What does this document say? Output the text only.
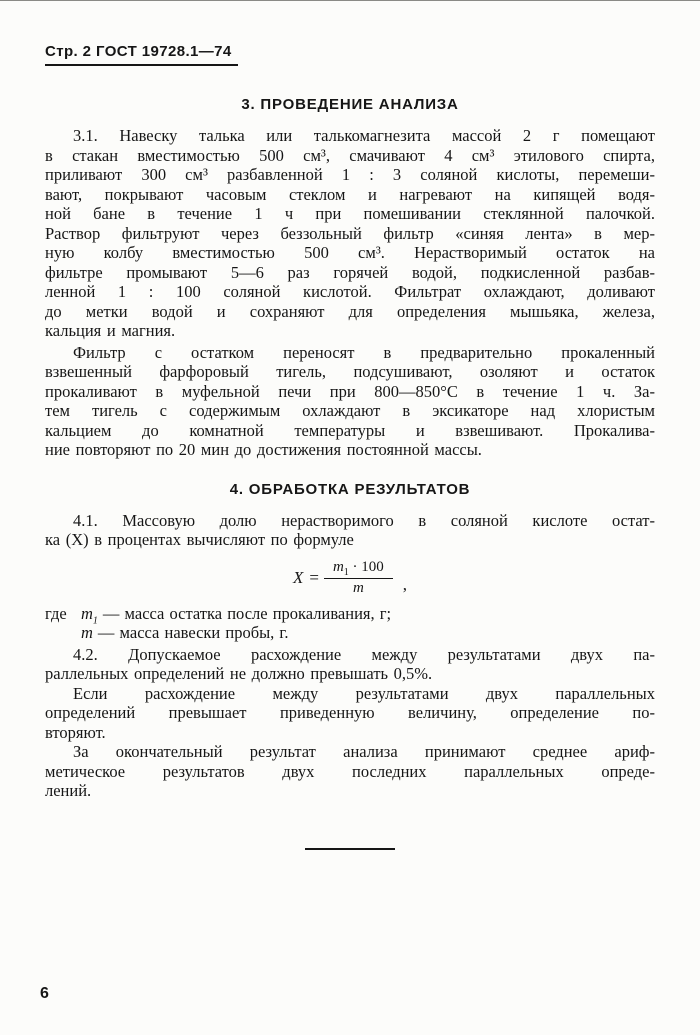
Стр. 2 ГОСТ 19728.1—74
3. ПРОВЕДЕНИЕ АНАЛИЗА
3.1. Навеску талька или талькомагнезита массой 2 г помещают
в стакан вместимостью 500 см³, смачивают 4 см³ этилового спирта,
приливают 300 см³ разбавленной 1 : 3 соляной кислоты, перемеши-
вают, покрывают часовым стеклом и нагревают на кипящей водя-
ной бане в течение 1 ч при помешивании стеклянной палочкой.
Раствор фильтруют через беззольный фильтр «синяя лента» в мер-
ную колбу вместимостью 500 см³. Нерастворимый остаток на
фильтре промывают 5—6 раз горячей водой, подкисленной разбав-
ленной 1 : 100 соляной кислотой. Фильтрат охлаждают, доливают
до метки водой и сохраняют для определения мышьяка, железа,
кальция и магния.
Фильтр с остатком переносят в предварительно прокаленный
взвешенный фарфоровый тигель, подсушивают, озоляют и остаток
прокаливают в муфельной печи при 800—850°С в течение 1 ч. За-
тем тигель с содержимым охлаждают в эксикаторе над хлористым
кальцием до комнатной температуры и взвешивают. Прокалива-
ние повторяют по 20 мин до достижения постоянной массы.
4. ОБРАБОТКА РЕЗУЛЬТАТОВ
4.1. Массовую долю нерастворимого в соляной кислоте остат-
ка (X) в процентах вычисляют по формуле
$X = \frac{m_1 \cdot 100}{m}$ ,
где $m_1$ — масса остатка после прокаливания, г;
m — масса навески пробы, г.
4.2. Допускаемое расхождение между результатами двух па-
раллельных определений не должно превышать 0,5%.
Если расхождение между результатами двух параллельных
определений превышает приведенную величину, определение по-
вторяют.
За окончательный результат анализа принимают среднее ариф-
метическое результатов двух последних параллельных опреде-
лений.
6
